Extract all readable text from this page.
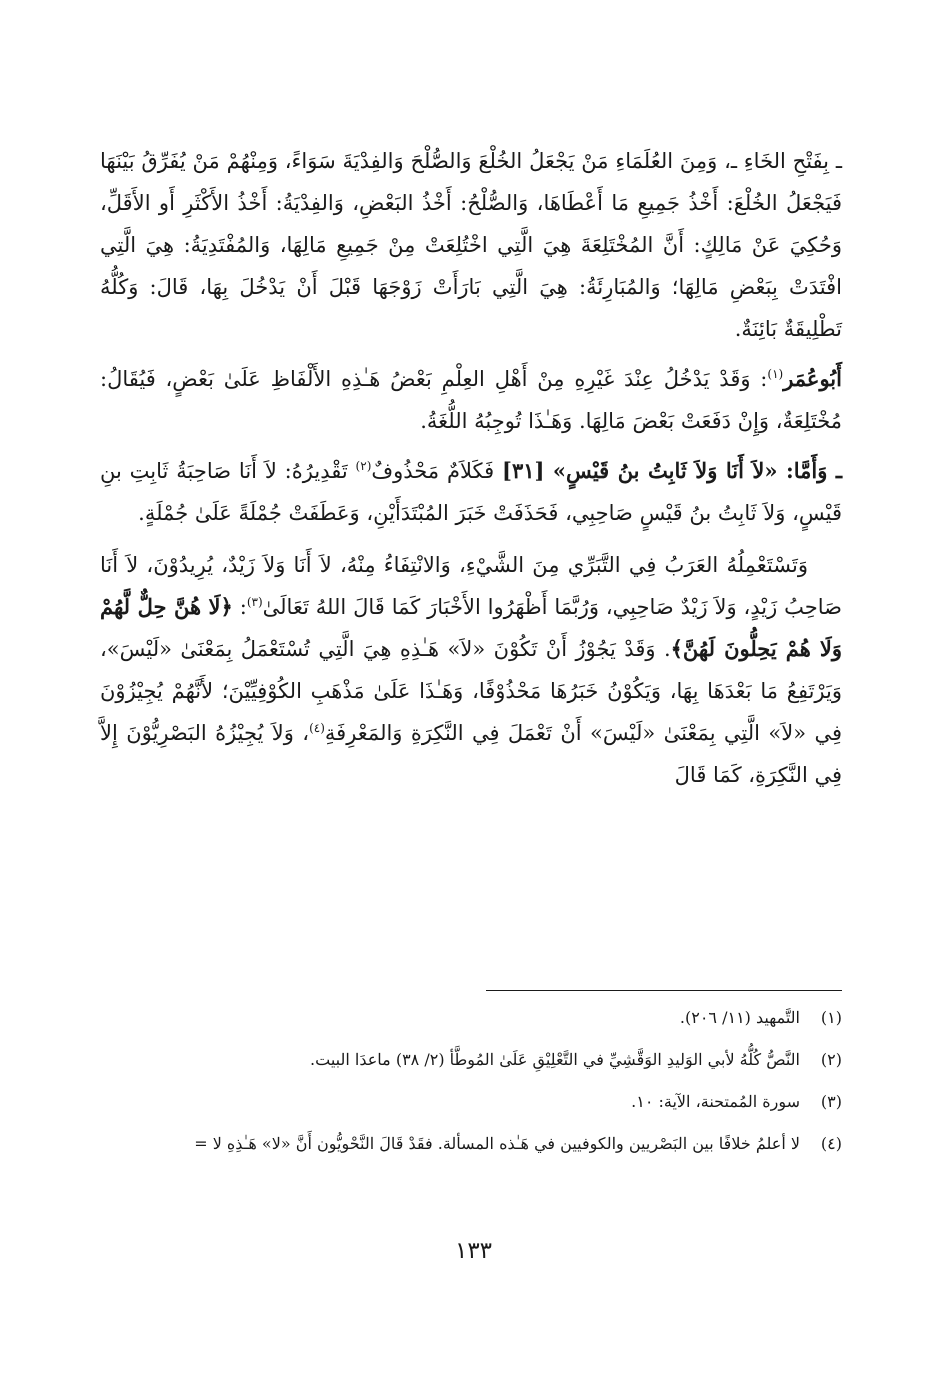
ـ بِفَتْحِ الخَاءِ ـ، وَمِنَ العُلَمَاءِ مَنْ يَجْعَلُ الخُلْعَ وَالصُّلْحَ وَالفِدْيَةَ سَوَاءً، وَمِنْهُمْ مَنْ يُفَرِّقُ بَيْنَهَا فَيَجْعَلُ الخُلْعَ: أَخْذُ جَمِيعِ مَا أَعْطَاهَا، وَالصُّلْحُ: أَخْذُ البَعْضِ، وَالفِدْيَةُ: أَخْذُ الأَكْثَرِ أَو الأَقَلِّ، وَحُكِيَ عَنْ مَالِكٍ: أَنَّ المُخْتَلِعَةَ هِيَ الَّتِي اخْتُلِعَتْ مِنْ جَمِيعِ مَالِهَا، وَالمُفْتَدِيَةُ: هِيَ الَّتِي افْتَدَتْ بِبَعْضِ مَالِهَا؛ وَالمُبَارِئَةُ: هِيَ الَّتِي بَارَأَتْ زَوْجَهَا قَبْلَ أَنْ يَدْخُلَ بِهَا، قَالَ: وَكُلُّهُ تَطْلِيقَةٌ بَائِنَةٌ.

أَبُوعُمَر$^{(١)}$: وَقَدْ يَدْخُلُ عِنْدَ غَيْرِهِ مِنْ أَهْلِ العِلْمِ بَعْضُ هَـٰذِهِ الأَلْفَاظِ عَلَىٰ بَعْضٍ، فَيُقَالُ: مُخْتَلِعَةٌ، وَإِنْ دَفَعَتْ بَعْضَ مَالِهَا. وَهَـٰذَا تُوجِبُهُ اللُّغَةُ.

ـ وَأَمَّا: «لاَ أَنَا وَلاَ ثَابِتُ بنُ قَيْسٍ» [٣١] فَكَلاَمٌ مَحْذُوفٌ$^{(٢)}$ تَقْدِيرُهُ: لاَ أَنَا صَاحِبَةُ ثَابِتِ بنِ قَيْسٍ، وَلاَ ثَابِتُ بنُ قَيْسٍ صَاحِبِي، فَحَذَفَتْ خَبَرَ المُبْتَدَأَيْنِ، وَعَطَفَتْ جُمْلَةً عَلَىٰ جُمْلَةٍ.

وَتَسْتَعْمِلُهُ العَرَبُ فِي التَّبَرِّي مِنَ الشَّيْءِ، وَالانْتِفَاءُ مِنْهُ، لاَ أَنَا وَلاَ زَيْدٌ، يُرِيدُوْنَ، لاَ أَنَا صَاحِبُ زَيْدٍ، وَلاَ زَيْدٌ صَاحِبِي، وَرُبَّمَا أَظْهَرُوا الأَخْبَارَ كَمَا قَالَ اللهُ تَعَالَىٰ$^{(٣)}$: ﴿لَا هُنَّ حِلٌّ لَّهُمْ وَلَا هُمْ يَحِلُّونَ لَهُنَّ﴾. وَقَدْ يَجُوْزُ أَنْ تَكُوْنَ «لاَ» هَـٰذِهِ هِيَ الَّتِي تُسْتَعْمَلُ بِمَعْنَىٰ «لَيْسَ»، وَيَرْتَفِعُ مَا بَعْدَهَا بِهَا، وَيَكُوْنُ خَبَرُهَا مَحْذُوْفًا، وَهَـٰذَا عَلَىٰ مَذْهَبِ الكُوْفِيِّيْنَ؛ لأَنَّهُمْ يُجِيْزُوْنَ فِي «لاَ» الَّتِي بِمَعْنَىٰ «لَيْسَ» أَنْ تَعْمَلَ فِي النَّكِرَةِ وَالمَعْرِفَةِ$^{(٤)}$، وَلاَ يُجِيْزُهُ البَصْرِيُّوْنَ إِلاَّ فِي النَّكِرَةِ، كَمَا قَالَ

(١)
التَّمهيد (١١/ ٢٠٦).
(٢)
النَّصُّ كُلُّهُ لأبي الوَليدِ الوَقَّشِيِّ في التَّعْلِيْقِ عَلَىٰ المُوطَّأ (٢/ ٣٨) ماعدَا البيت.
(٣)
سورة المُمتحنة، الآية: ١٠.
(٤)
لا أعلمُ خلافًا بين البَصْريين والكوفيين في هَـٰذه المسألة. فقَدْ قَالَ النَّحْويُّون أَنَّ «لا» هَـٰذِهِ لا =
١٣٣
